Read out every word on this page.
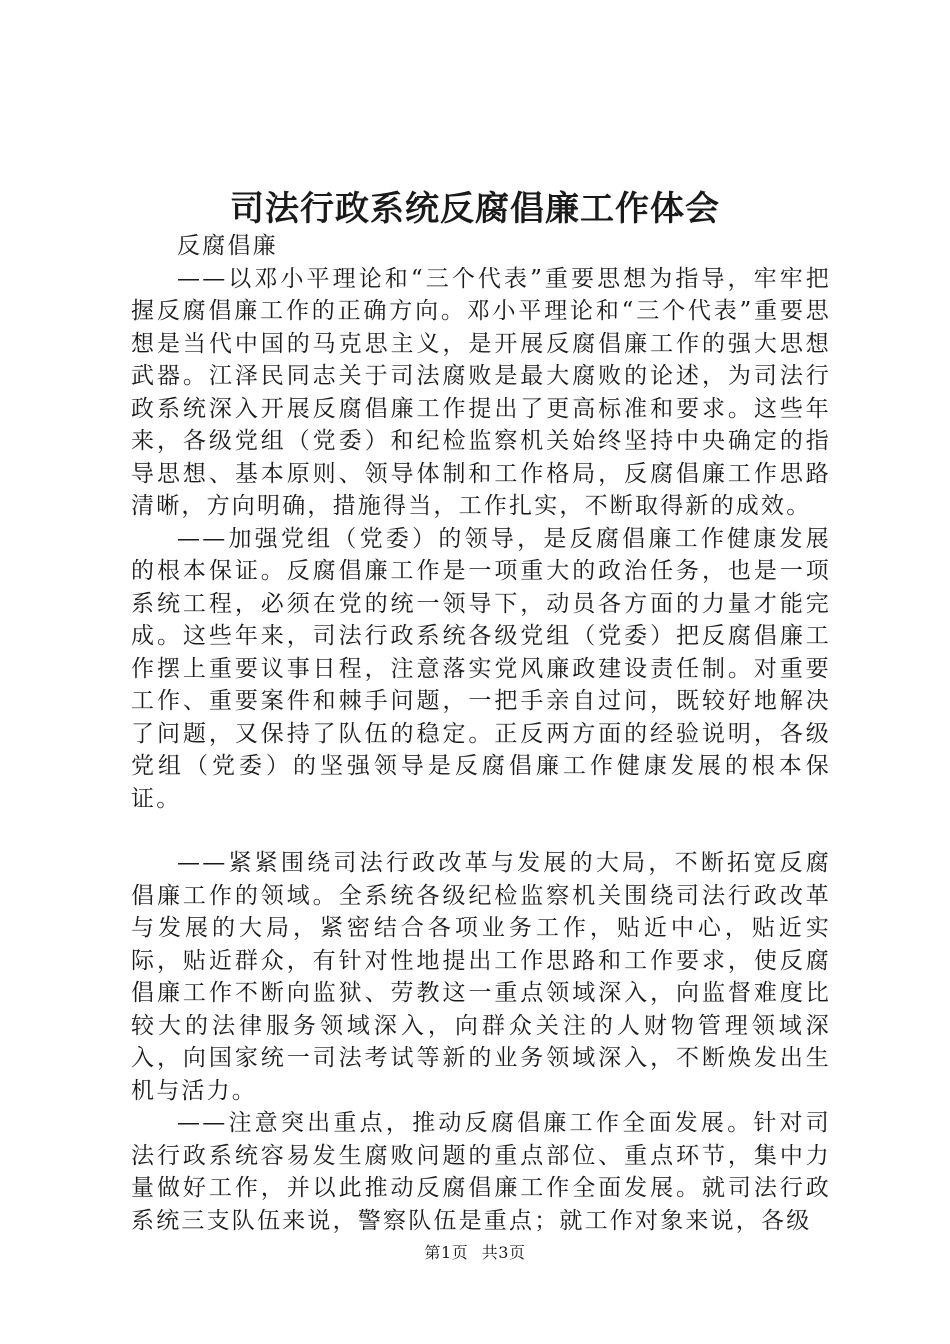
司法行政系统反腐倡廉工作体会

反腐倡廉

——以邓小平理论和“三个代表”重要思想为指导，牢牢把握反腐倡廉工作的正确方向。邓小平理论和“三个代表”重要思想是当代中国的马克思主义，是开展反腐倡廉工作的强大思想武器。江泽民同志关于司法腐败是最大腐败的论述，为司法行政系统深入开展反腐倡廉工作提出了更高标准和要求。这些年来，各级党组（党委）和纪检监察机关始终坚持中央确定的指导思想、基本原则、领导体制和工作格局，反腐倡廉工作思路清晰，方向明确，措施得当，工作扎实，不断取得新的成效。

——加强党组（党委）的领导，是反腐倡廉工作健康发展的根本保证。反腐倡廉工作是一项重大的政治任务，也是一项系统工程，必须在党的统一领导下，动员各方面的力量才能完成。这些年来，司法行政系统各级党组（党委）把反腐倡廉工作摆上重要议事日程，注意落实党风廉政建设责任制。对重要工作、重要案件和棘手问题，一把手亲自过问，既较好地解决了问题，又保持了队伍的稳定。正反两方面的经验说明，各级党组（党委）的坚强领导是反腐倡廉工作健康发展的根本保证。

——紧紧围绕司法行政改革与发展的大局，不断拓宽反腐倡廉工作的领域。全系统各级纪检监察机关围绕司法行政改革与发展的大局，紧密结合各项业务工作，贴近中心，贴近实际，贴近群众，有针对性地提出工作思路和工作要求，使反腐倡廉工作不断向监狱、劳教这一重点领域深入，向监督难度比较大的法律服务领域深入，向群众关注的人财物管理领域深入，向国家统一司法考试等新的业务领域深入，不断焕发出生机与活力。

——注意突出重点，推动反腐倡廉工作全面发展。针对司法行政系统容易发生腐败问题的重点部位、重点环节，集中力量做好工作，并以此推动反腐倡廉工作全面发展。就司法行政系统三支队伍来说，警察队伍是重点；就工作对象来说，各级

第1页 共3页
